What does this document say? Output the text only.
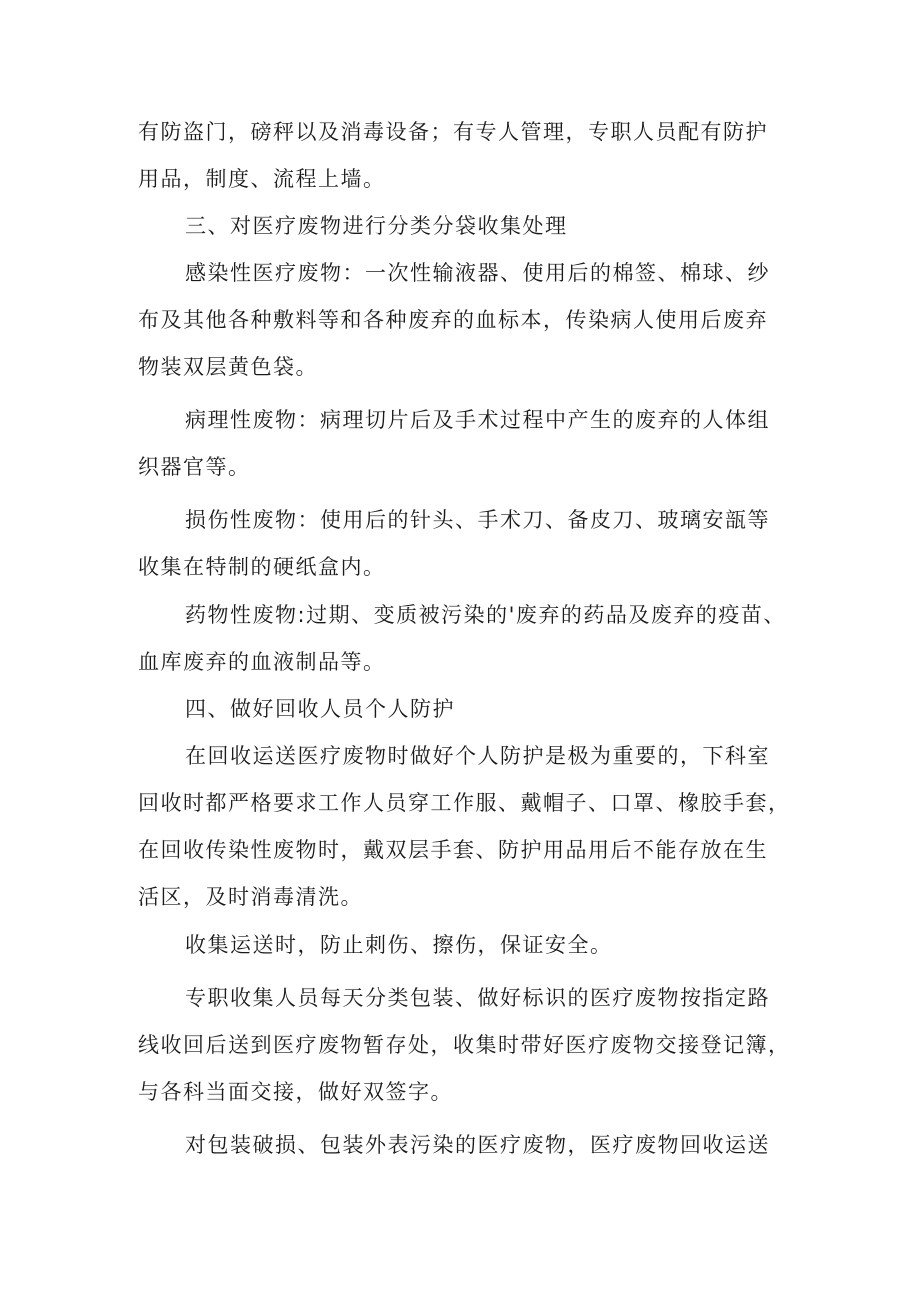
有防盗门，磅秤以及消毒设备；有专人管理，专职人员配有防护
用品，制度、流程上墙。
三、对医疗废物进行分类分袋收集处理
感染性医疗废物：一次性输液器、使用后的棉签、棉球、纱
布及其他各种敷料等和各种废弃的血标本，传染病人使用后废弃
物装双层黄色袋。
病理性废物：病理切片后及手术过程中产生的废弃的人体组
织器官等。
损伤性废物：使用后的针头、手术刀、备皮刀、玻璃安瓿等
收集在特制的硬纸盒内。
药物性废物:过期、变质被污染的'废弃的药品及废弃的疫苗、
血库废弃的血液制品等。
四、做好回收人员个人防护
在回收运送医疗废物时做好个人防护是极为重要的，下科室
回收时都严格要求工作人员穿工作服、戴帽子、口罩、橡胶手套，
在回收传染性废物时，戴双层手套、防护用品用后不能存放在生
活区，及时消毒清洗。
收集运送时，防止刺伤、擦伤，保证安全。
专职收集人员每天分类包装、做好标识的医疗废物按指定路
线收回后送到医疗废物暂存处，收集时带好医疗废物交接登记簿，
与各科当面交接，做好双签字。
对包装破损、包装外表污染的医疗废物，医疗废物回收运送
